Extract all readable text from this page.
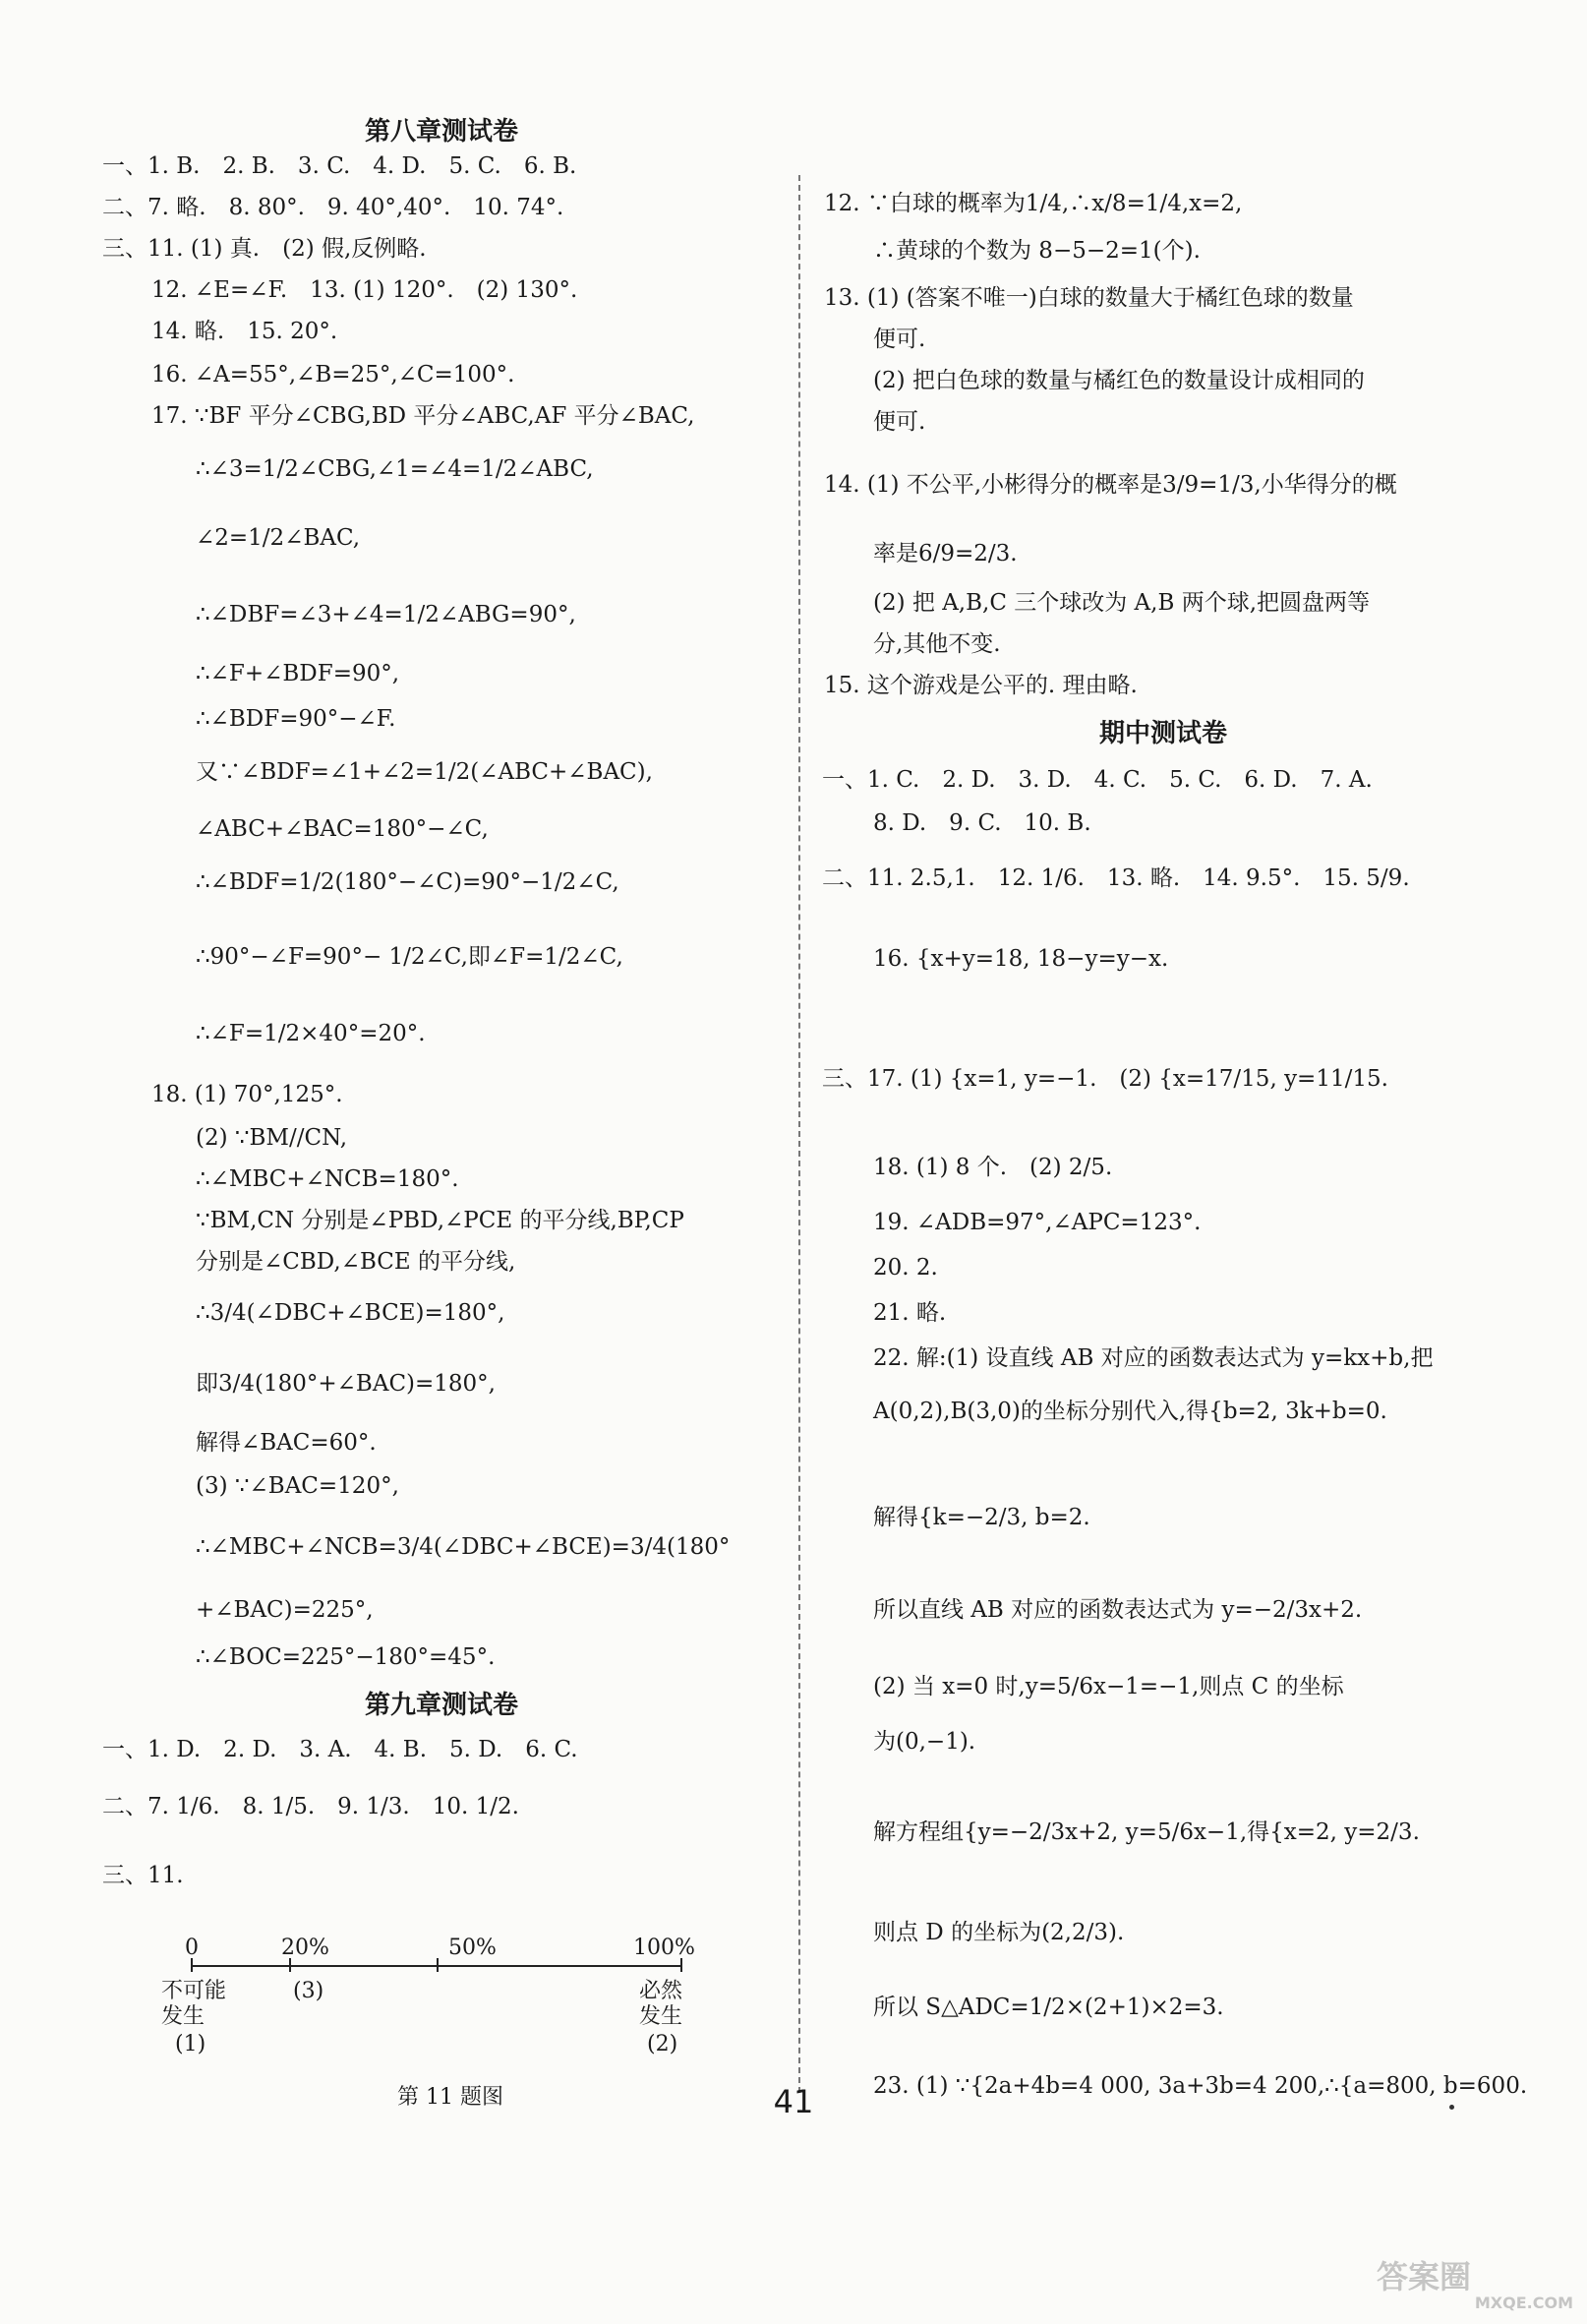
第八章测试卷
一、1. B.　2. B.　3. C.　4. D.　5. C.　6. B.
二、7. 略.　8. 80°.　9. 40°,40°.　10. 74°.
三、11. (1) 真.　(2) 假,反例略.
12. ∠E=∠F.　13. (1) 120°.　(2) 130°.
14. 略.　15. 20°.
16. ∠A=55°,∠B=25°,∠C=100°.
17. ∵BF 平分∠CBG,BD 平分∠ABC,AF 平分∠BAC,
∴∠3=1/2∠CBG,∠1=∠4=1/2∠ABC,
∠2=1/2∠BAC,
∴∠DBF=∠3+∠4=1/2∠ABG=90°,
∴∠F+∠BDF=90°,
∴∠BDF=90°−∠F.
又∵∠BDF=∠1+∠2=1/2(∠ABC+∠BAC),
∠ABC+∠BAC=180°−∠C,
∴∠BDF=1/2(180°−∠C)=90°−1/2∠C,
∴90°−∠F=90°− 1/2∠C,即∠F=1/2∠C,
∴∠F=1/2×40°=20°.
18. (1) 70°,125°.
(2) ∵BM//CN,
∴∠MBC+∠NCB=180°.
∵BM,CN 分别是∠PBD,∠PCE 的平分线,BP,CP
分别是∠CBD,∠BCE 的平分线,
∴3/4(∠DBC+∠BCE)=180°,
即3/4(180°+∠BAC)=180°,
解得∠BAC=60°.
(3) ∵∠BAC=120°,
∴∠MBC+∠NCB=3/4(∠DBC+∠BCE)=3/4(180°
+∠BAC)=225°,
∴∠BOC=225°−180°=45°.
第九章测试卷
一、1. D.　2. D.　3. A.　4. B.　5. D.　6. C.
二、7. 1/6.　8. 1/5.　9. 1/3.　10. 1/2.
三、11.
0	20%	50%	100%
不可能
发生
(1)
(3)	必然
发生
(2)
第 11 题图
12. ∵白球的概率为1/4,∴x/8=1/4,x=2,
∴黄球的个数为 8−5−2=1(个).
13. (1) (答案不唯一)白球的数量大于橘红色球的数量
便可.
(2) 把白色球的数量与橘红色的数量设计成相同的
便可.
14. (1) 不公平,小彬得分的概率是3/9=1/3,小华得分的概
率是6/9=2/3.
(2) 把 A,B,C 三个球改为 A,B 两个球,把圆盘两等
分,其他不变.
15. 这个游戏是公平的. 理由略.
期中测试卷
一、1. C.　2. D.　3. D.　4. C.　5. C.　6. D.　7. A.
8. D.　9. C.　10. B.
二、11. 2.5,1.　12. 1/6.　13. 略.　14. 9.5°.　15. 5/9.
16. {x+y=18, 18−y=y−x.
三、17. (1) {x=1, y=−1.　(2) {x=17/15, y=11/15.
18. (1) 8 个.　(2) 2/5.
19. ∠ADB=97°,∠APC=123°.
20. 2.
21. 略.
22. 解:(1) 设直线 AB 对应的函数表达式为 y=kx+b,把
A(0,2),B(3,0)的坐标分别代入,得{b=2, 3k+b=0.
解得{k=−2/3, b=2.
所以直线 AB 对应的函数表达式为 y=−2/3x+2.
(2) 当 x=0 时,y=5/6x−1=−1,则点 C 的坐标
为(0,−1).
解方程组{y=−2/3x+2, y=5/6x−1,得{x=2, y=2/3.
则点 D 的坐标为(2,2/3).
所以 S△ADC=1/2×(2+1)×2=3.
23. (1) ∵{2a+4b=4 000, 3a+3b=4 200,∴{a=800, b=600.
41
答案圈
MXQE.COM
